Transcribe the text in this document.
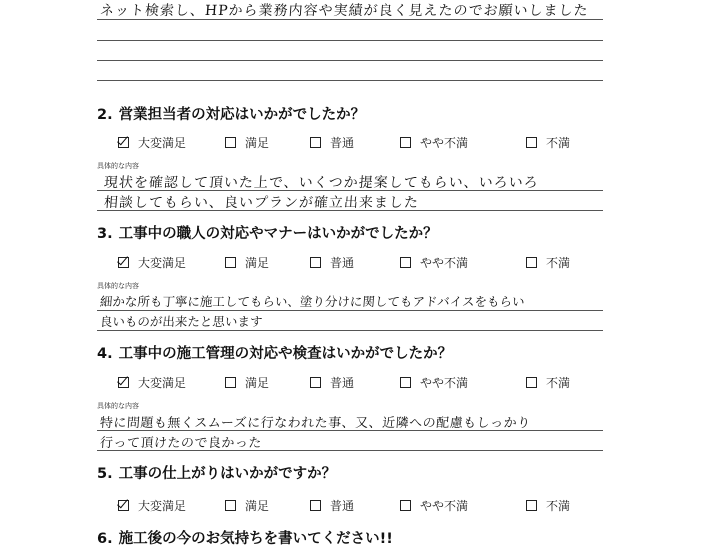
ネット検索し、HPから業務内容や実績が良く見えたのでお願いしました
2. 営業担当者の対応はいかがでしたか？
大変満足	満足	普通	やや不満	不満
具体的な内容
現状を確認して頂いた上で、いくつか提案してもらい、いろいろ
相談してもらい、良いプランが確立出来ました
3. 工事中の職人の対応やマナーはいかがでしたか？
大変満足	満足	普通	やや不満	不満
具体的な内容
細かな所も丁寧に施工してもらい、塗り分けに関してもアドバイスをもらい
良いものが出来たと思います
4. 工事中の施工管理の対応や検査はいかがでしたか？
大変満足	満足	普通	やや不満	不満
具体的な内容
特に問題も無くスムーズに行なわれた事、又、近隣への配慮もしっかり
行って頂けたので良かった
5. 工事の仕上がりはいかがですか？
大変満足	満足	普通	やや不満	不満
6. 施工後の今のお気持ちを書いてください!!
